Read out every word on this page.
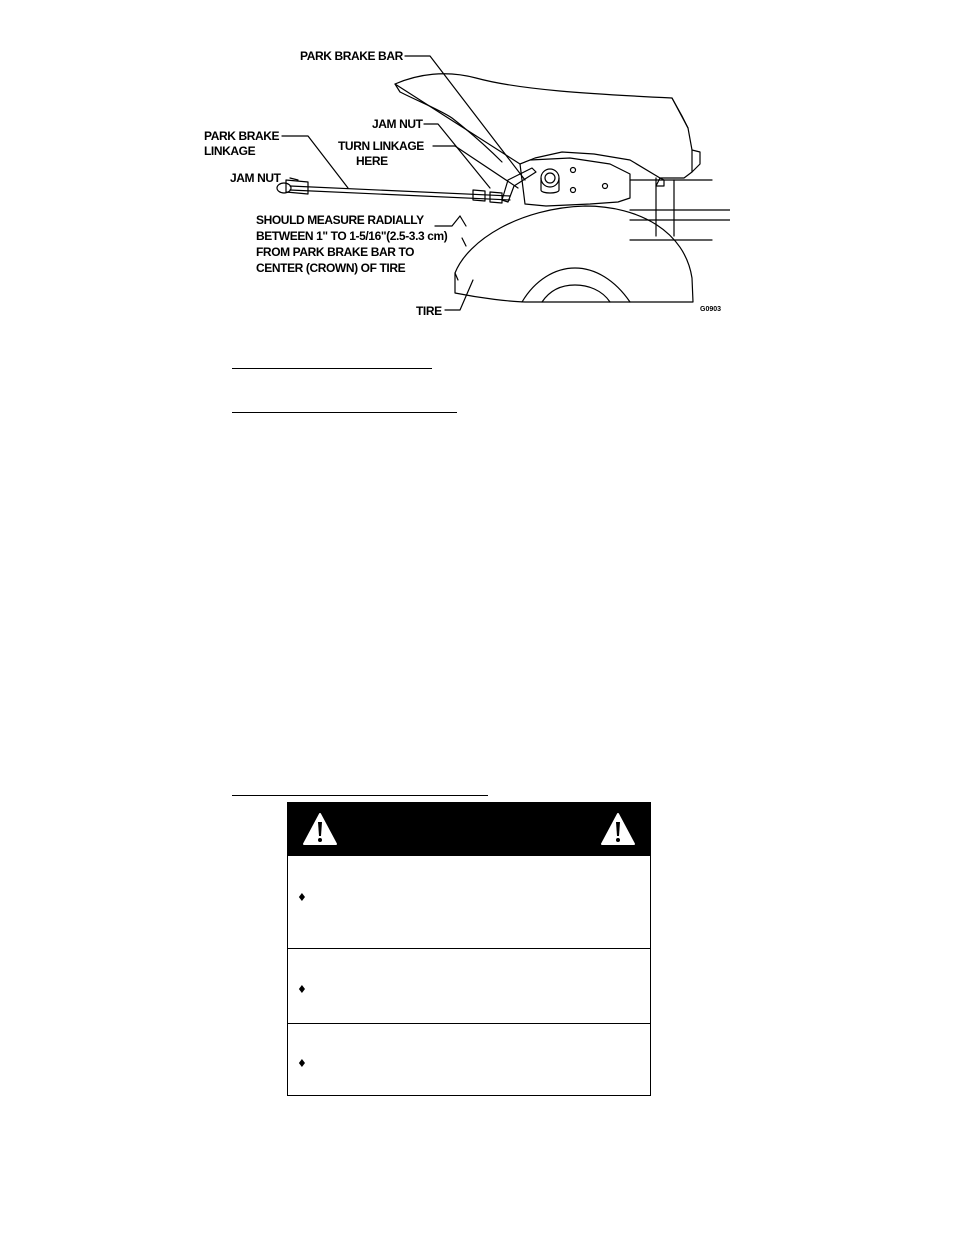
PARK BRAKE BAR
JAM NUT
PARK BRAKE
LINKAGE	TURN LINKAGE
HERE
JAM NUT
SHOULD MEASURE RADIALLY
BETWEEN 1" TO 1-5/16"(2.5-3.3 cm)
FROM PARK BRAKE BAR TO
CENTER (CROWN) OF TIRE
TIRE	G0903
♦
♦
♦
